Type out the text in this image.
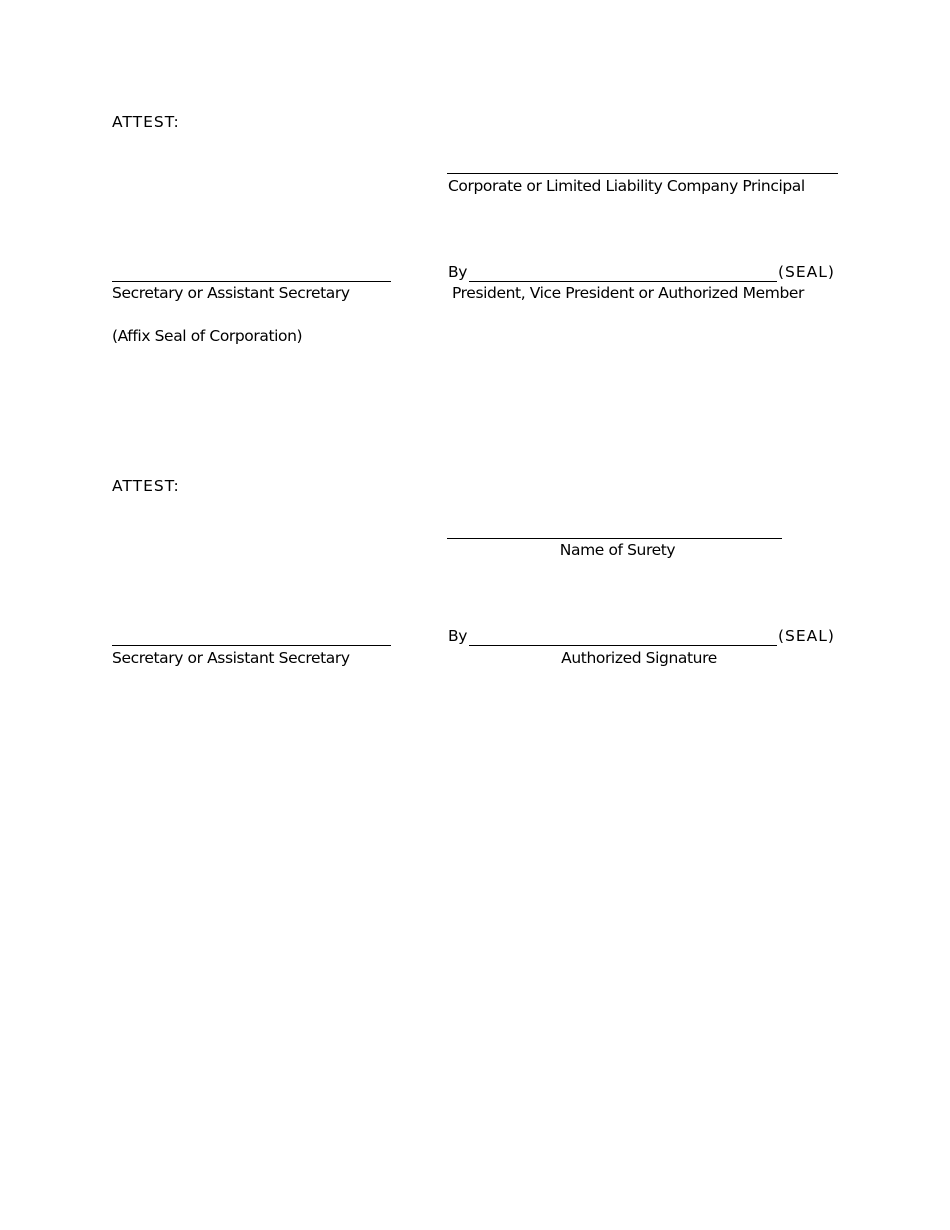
ATTEST:
Corporate or Limited Liability Company Principal
Secretary or Assistant Secretary
By	(SEAL)
President, Vice President or Authorized Member
(Affix Seal of Corporation)
ATTEST:
Name of Surety
Secretary or Assistant Secretary
By	(SEAL)
Authorized Signature
